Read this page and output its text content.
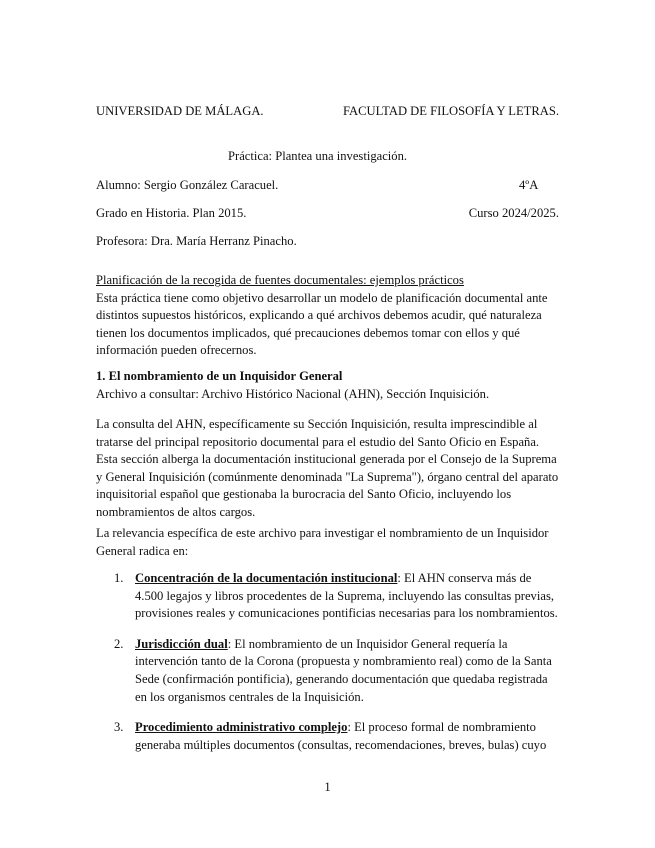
UNIVERSIDAD DE MÁLAGA.	FACULTAD DE FILOSOFÍA Y LETRAS.
Práctica: Plantea una investigación.
Alumno: Sergio González Caracuel.	4ºA
Grado en Historia. Plan 2015.	Curso 2024/2025.
Profesora: Dra. María Herranz Pinacho.

Planificación de la recogida de fuentes documentales: ejemplos prácticos

Esta práctica tiene como objetivo desarrollar un modelo de planificación documental ante distintos supuestos históricos, explicando a qué archivos debemos acudir, qué naturaleza tienen los documentos implicados, qué precauciones debemos tomar con ellos y qué información pueden ofrecernos.

1. El nombramiento de un Inquisidor General

Archivo a consultar: Archivo Histórico Nacional (AHN), Sección Inquisición.

La consulta del AHN, específicamente su Sección Inquisición, resulta imprescindible al tratarse del principal repositorio documental para el estudio del Santo Oficio en España. Esta sección alberga la documentación institucional generada por el Consejo de la Suprema y General Inquisición (comúnmente denominada "La Suprema"), órgano central del aparato inquisitorial español que gestionaba la burocracia del Santo Oficio, incluyendo los nombramientos de altos cargos.

La relevancia específica de este archivo para investigar el nombramiento de un Inquisidor General radica en:

1. Concentración de la documentación institucional: El AHN conserva más de 4.500 legajos y libros procedentes de la Suprema, incluyendo las consultas previas, provisiones reales y comunicaciones pontificias necesarias para los nombramientos.
2. Jurisdicción dual: El nombramiento de un Inquisidor General requería la intervención tanto de la Corona (propuesta y nombramiento real) como de la Santa Sede (confirmación pontificia), generando documentación que quedaba registrada en los organismos centrales de la Inquisición.
3. Procedimiento administrativo complejo: El proceso formal de nombramiento generaba múltiples documentos (consultas, recomendaciones, breves, bulas) cuyo
1
